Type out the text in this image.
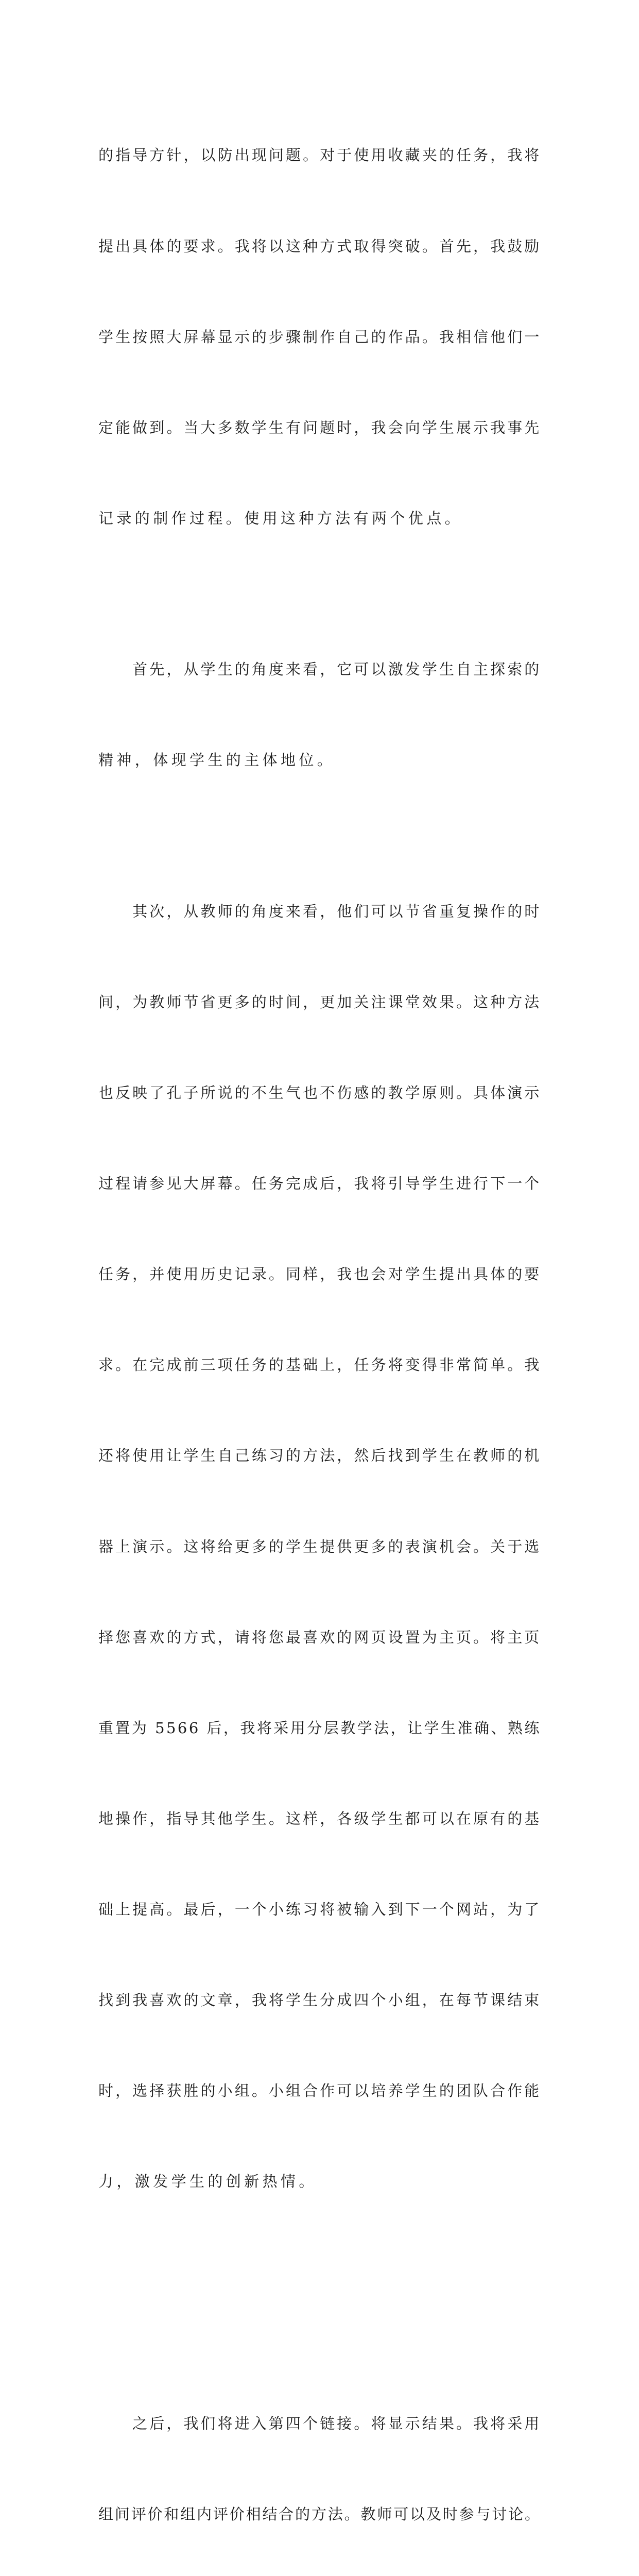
的指导方针，以防出现问题。对于使用收藏夹的任务，我将

提出具体的要求。我将以这种方式取得突破。首先，我鼓励

学生按照大屏幕显示的步骤制作自己的作品。我相信他们一

定能做到。当大多数学生有问题时，我会向学生展示我事先

记录的制作过程。使用这种方法有两个优点。

　　首先，从学生的角度来看，它可以激发学生自主探索的

精神，体现学生的主体地位。

　　其次，从教师的角度来看，他们可以节省重复操作的时

间，为教师节省更多的时间，更加关注课堂效果。这种方法

也反映了孔子所说的不生气也不伤感的教学原则。具体演示

过程请参见大屏幕。任务完成后，我将引导学生进行下一个

任务，并使用历史记录。同样，我也会对学生提出具体的要

求。在完成前三项任务的基础上，任务将变得非常简单。我

还将使用让学生自己练习的方法，然后找到学生在教师的机

器上演示。这将给更多的学生提供更多的表演机会。关于选

择您喜欢的方式，请将您最喜欢的网页设置为主页。将主页

重置为 5566 后，我将采用分层教学法，让学生准确、熟练

地操作，指导其他学生。这样，各级学生都可以在原有的基

础上提高。最后，一个小练习将被输入到下一个网站，为了

找到我喜欢的文章，我将学生分成四个小组，在每节课结束

时，选择获胜的小组。小组合作可以培养学生的团队合作能

力，激发学生的创新热情。

　　之后，我们将进入第四个链接。将显示结果。我将采用

组间评价和组内评价相结合的方法。教师可以及时参与讨论。
